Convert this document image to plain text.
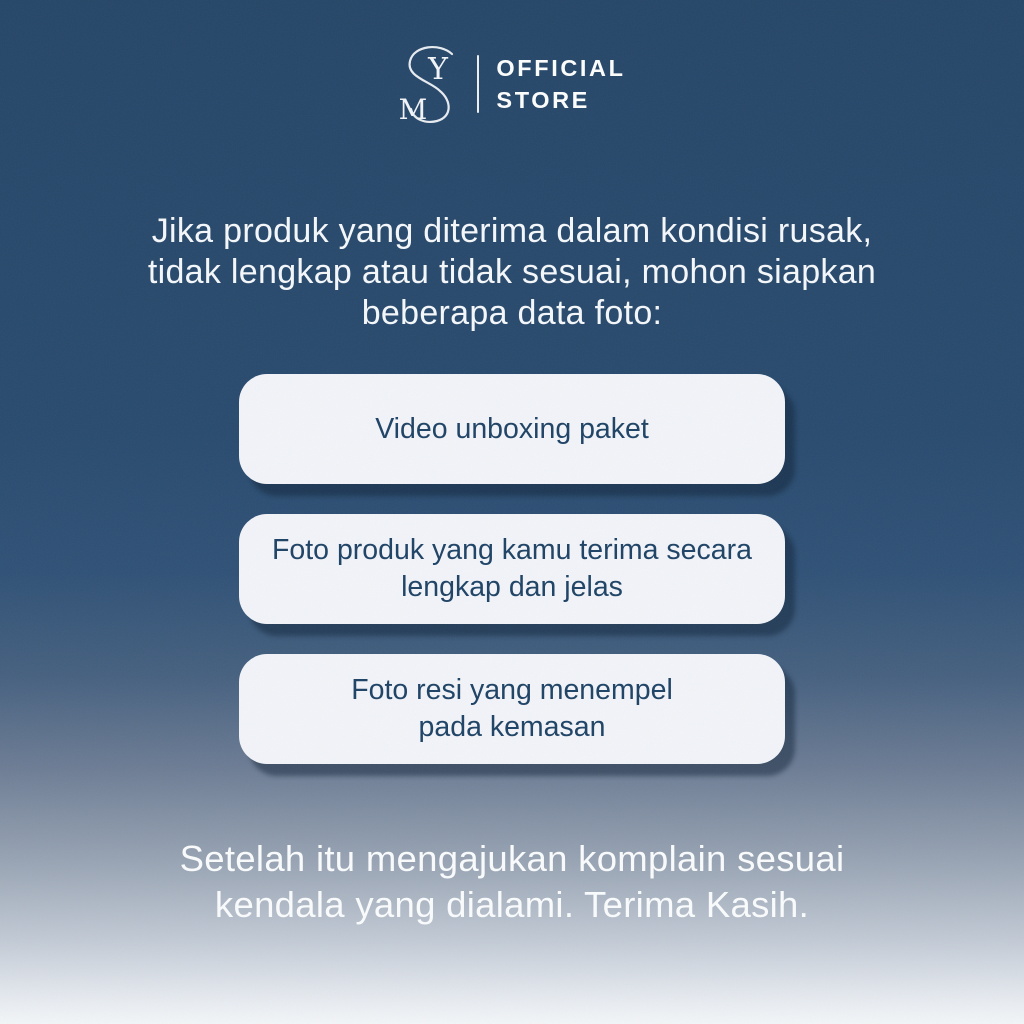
Y
M
OFFICIAL
STORE
Jika produk yang diterima dalam kondisi rusak,
tidak lengkap atau tidak sesuai, mohon siapkan
beberapa data foto:
Video unboxing paket
Foto produk yang kamu terima secara
lengkap dan jelas
Foto resi yang menempel
pada kemasan
Setelah itu mengajukan komplain sesuai
kendala yang dialami. Terima Kasih.
